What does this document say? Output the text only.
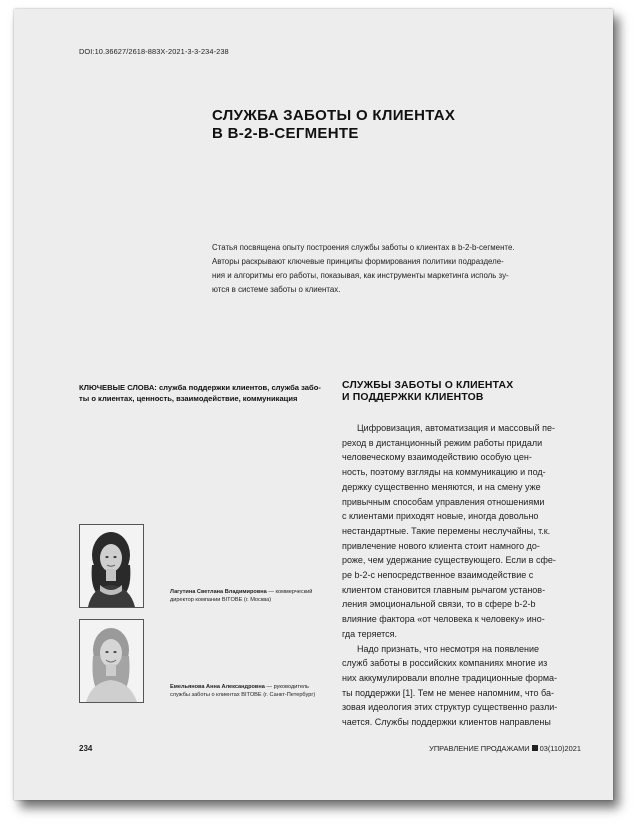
DOI:10.36627/2618-883X-2021-3-3-234-238
СЛУЖБА ЗАБОТЫ О КЛИЕНТАХ
В B-2-B-СЕГМЕНТЕ
Статья посвящена опыту построения службы заботы о клиентах в b-2-b-сегменте.
Авторы раскрывают ключевые принципы формирования политики подразделе-
ния и алгоритмы его работы, показывая, как инструменты маркетинга исполь зу-
ются в системе заботы о клиентах.
КЛЮЧЕВЫЕ СЛОВА: служба поддержки клиентов, служба забо-
ты о клиентах, ценность, взаимодействие, коммуникация
СЛУЖБЫ ЗАБОТЫ О КЛИЕНТАХ
И ПОДДЕРЖКИ КЛИЕНТОВ
Цифровизация, автоматизация и массовый пе-
реход в дистанционный режим работы придали
человеческому взаимодействию особую цен-
ность, поэтому взгляды на коммуникацию и под-
держку существенно меняются, и на смену уже
привычным способам управления отношениями
с клиентами приходят новые, иногда довольно
нестандартные. Такие перемены неслучайны, т.к.
привлечение нового клиента стоит намного до-
роже, чем удержание существующего. Если в сфе-
ре b-2-c непосредственное взаимодействие с
клиентом становится главным рычагом установ-
ления эмоциональной связи, то в сфере b-2-b
влияние фактора «от человека к человеку» ино-
гда теряется.
Надо признать, что несмотря на появление
служб заботы в российских компаниях многие из
них аккумулировали вполне традиционные форма-
ты поддержки [1]. Тем не менее напомним, что ба-
зовая идеология этих структур существенно разли-
чается. Службы поддержки клиентов направлены
Лагутина Светлана Владимировна — коммерческий
директор компании BITOBE (г. Москва)
Емельянова Анна Александровна — руководитель
службы заботы о клиентах BITOBE (г. Санкт-Петербург)
234	УПРАВЛЕНИЕ ПРОДАЖАМИ 03(110)2021
